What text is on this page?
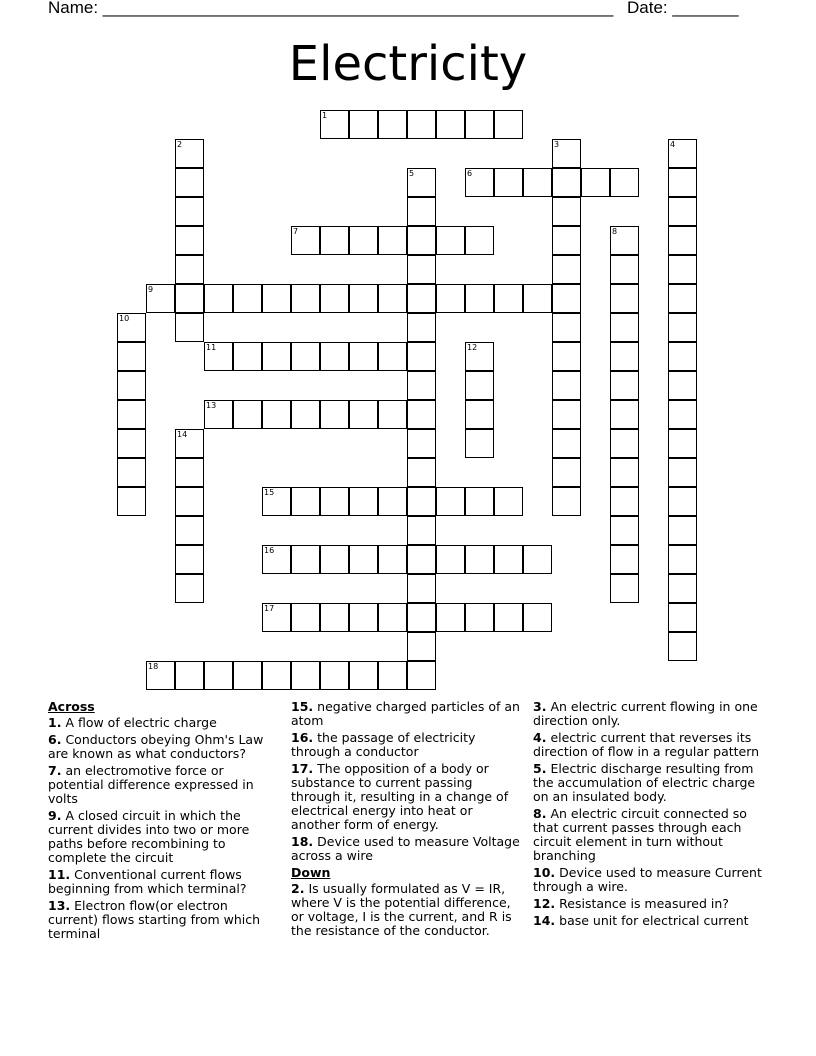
Name: ______________________________________________________ Date: _______
Electricity
1
2	3	4
5	6
7	8
9
10
11	12
13
14
15
16
17
18
Across
1. A flow of electric charge
6. Conductors obeying Ohm's Law are known as what conductors?
7. an electromotive force or potential difference expressed in volts
9. A closed circuit in which the current divides into two or more paths before recombining to complete the circuit
11. Conventional current flows beginning from which terminal?
13. Electron flow(or electron current) flows starting from which terminal
15. negative charged particles of an atom
16. the passage of electricity through a conductor
17. The opposition of a body or substance to current passing through it, resulting in a change of electrical energy into heat or another form of energy.
18. Device used to measure Voltage across a wire
Down
2. Is usually formulated as V = IR, where V is the potential difference, or voltage, I is the current, and R is the resistance of the conductor.
3. An electric current flowing in one direction only.
4. electric current that reverses its direction of flow in a regular pattern
5. Electric discharge resulting from the accumulation of electric charge on an insulated body.
8. An electric circuit connected so that current passes through each circuit element in turn without branching
10. Device used to measure Current through a wire.
12. Resistance is measured in?
14. base unit for electrical current
